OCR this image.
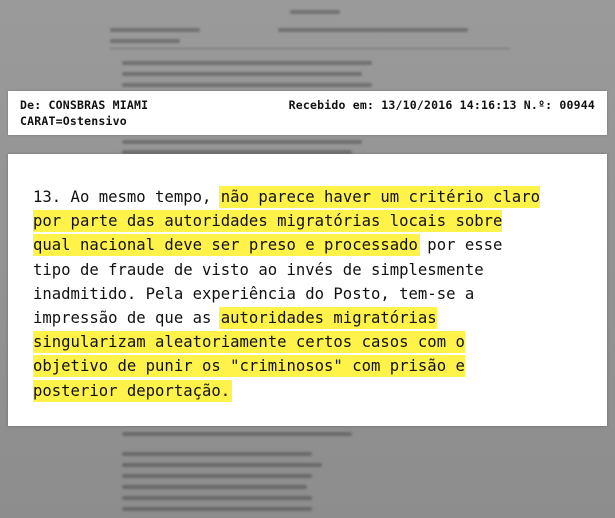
De: CONSBRAS MIAMI
CARAT=Ostensivo
Recebido em: 13/10/2016 14:16:13 N.º: 00944
13. Ao mesmo tempo, não parece haver um critério claro
por parte das autoridades migratórias locais sobre
qual nacional deve ser preso e processado por esse
tipo de fraude de visto ao invés de simplesmente
inadmitido. Pela experiência do Posto, tem-se a
impressão de que as autoridades migratórias
singularizam aleatoriamente certos casos com o
objetivo de punir os "criminosos" com prisão e
posterior deportação.
